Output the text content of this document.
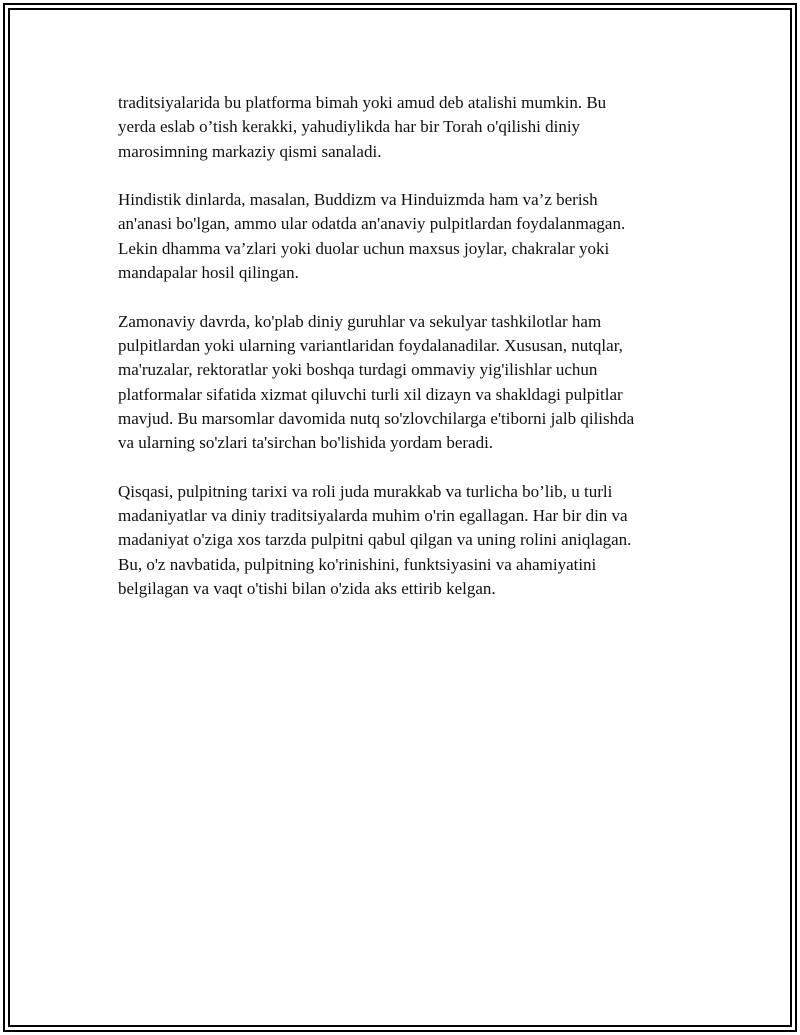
traditsiyalarida bu platforma bimah yoki amud deb atalishi mumkin. Bu
yerda eslab o’tish kerakki, yahudiylikda har bir Torah o'qilishi diniy
marosimning markaziy qismi sanaladi.

Hindistik dinlarda, masalan, Buddizm va Hinduizmda ham va’z berish
an'anasi bo'lgan, ammo ular odatda an'anaviy pulpitlardan foydalanmagan.
Lekin dhamma va’zlari yoki duolar uchun maxsus joylar, chakralar yoki
mandapalar hosil qilingan.

Zamonaviy davrda, ko'plab diniy guruhlar va sekulyar tashkilotlar ham
pulpitlardan yoki ularning variantlaridan foydalanadilar. Xususan, nutqlar,
ma'ruzalar, rektoratlar yoki boshqa turdagi ommaviy yig'ilishlar uchun
platformalar sifatida xizmat qiluvchi turli xil dizayn va shakldagi pulpitlar
mavjud. Bu marsomlar davomida nutq so'zlovchilarga e'tiborni jalb qilishda
va ularning so'zlari ta'sirchan bo'lishida yordam beradi.

Qisqasi, pulpitning tarixi va roli juda murakkab va turlicha bo’lib, u turli
madaniyatlar va diniy traditsiyalarda muhim o'rin egallagan. Har bir din va
madaniyat o'ziga xos tarzda pulpitni qabul qilgan va uning rolini aniqlagan.
Bu, o'z navbatida, pulpitning ko'rinishini, funktsiyasini va ahamiyatini
belgilagan va vaqt o'tishi bilan o'zida aks ettirib kelgan.
